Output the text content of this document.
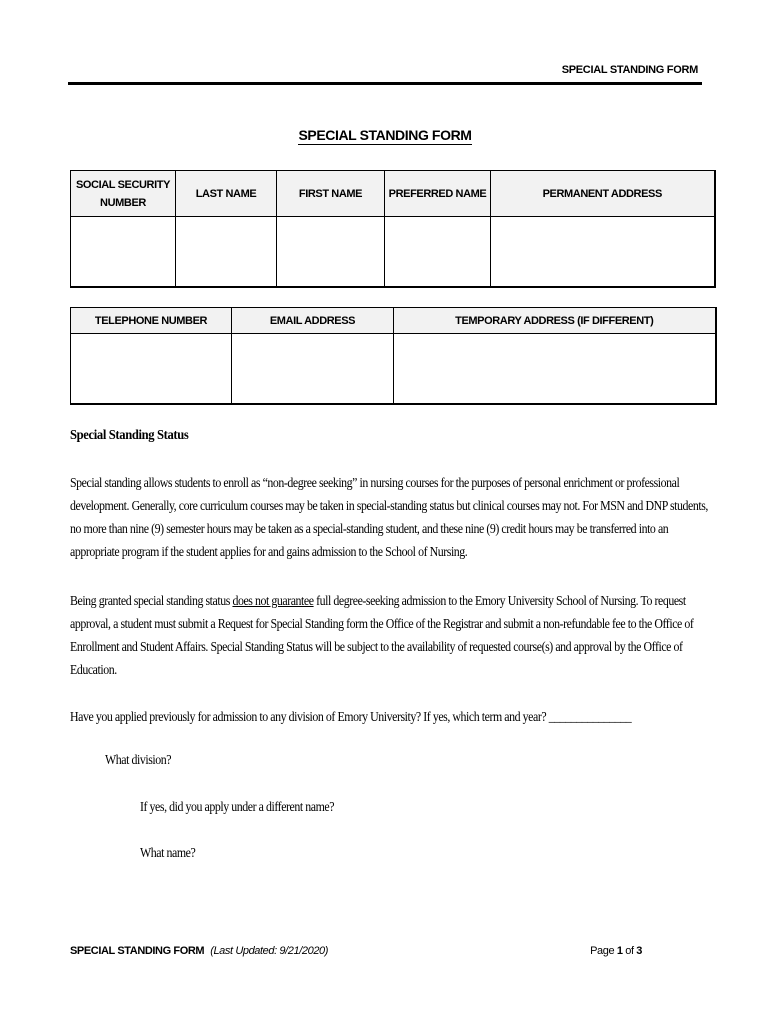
SPECIAL STANDING FORM
SPECIAL STANDING FORM
SOCIAL SECURITY NUMBER	LAST NAME	FIRST NAME	PREFERRED NAME	PERMANENT ADDRESS

TELEPHONE NUMBER	EMAIL ADDRESS	TEMPORARY ADDRESS (IF DIFFERENT)

Special Standing Status
Special standing allows students to enroll as “non-degree seeking” in nursing courses for the purposes of personal enrichment or professional development. Generally, core curriculum courses may be taken in special-standing status but clinical courses may not. For MSN and DNP students, no more than nine (9) semester hours may be taken as a special-standing student, and these nine (9) credit hours may be transferred into an appropriate program if the student applies for and gains admission to the School of Nursing.
Being granted special standing status does not guarantee full degree-seeking admission to the Emory University School of Nursing. To request approval, a student must submit a Request for Special Standing form the Office of the Registrar and submit a non-refundable fee to the Office of Enrollment and Student Affairs. Special Standing Status will be subject to the availability of requested course(s) and approval by the Office of Education.
Have you applied previously for admission to any division of Emory University? If yes, which term and year? _______________
What division?
If yes, did you apply under a different name?
What name?
SPECIAL STANDING FORM (Last Updated: 9/21/2020)	Page 1 of 3
